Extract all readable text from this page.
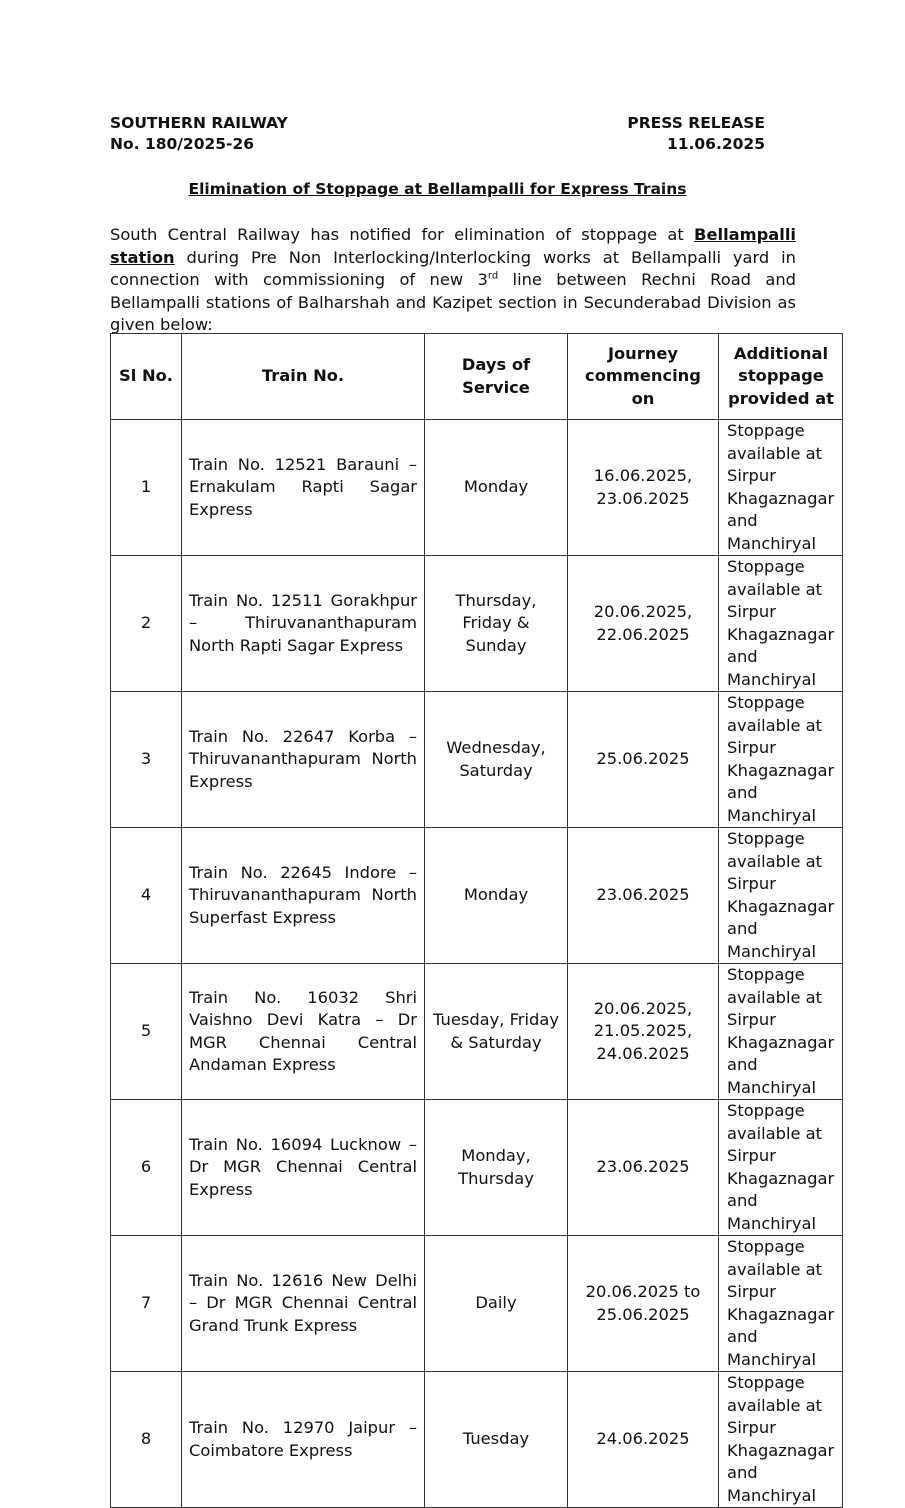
SOUTHERN RAILWAY
No. 180/2025-26
PRESS RELEASE
11.06.2025
Elimination of Stoppage at Bellampalli for Express Trains

South Central Railway has notified for elimination of stoppage at Bellampalli station during Pre Non Interlocking/Interlocking works at Bellampalli yard in connection with commissioning of new 3rd line between Rechni Road and Bellampalli stations of Balharshah and Kazipet section in Secunderabad Division as given below:

Sl No.	Train No.	Days of Service	Journey commencing on	Additional stoppage provided at
1	Train No. 12521 Barauni – Ernakulam Rapti Sagar Express	Monday	16.06.2025, 23.06.2025	Stoppage available at Sirpur Khagaznagar and Manchiryal
2	Train No. 12511 Gorakhpur – Thiruvananthapuram North Rapti Sagar Express	Thursday, Friday & Sunday	20.06.2025, 22.06.2025	Stoppage available at Sirpur Khagaznagar and Manchiryal
3	Train No. 22647 Korba – Thiruvananthapuram North Express	Wednesday, Saturday	25.06.2025	Stoppage available at Sirpur Khagaznagar and Manchiryal
4	Train No. 22645 Indore – Thiruvananthapuram North Superfast Express	Monday	23.06.2025	Stoppage available at Sirpur Khagaznagar and Manchiryal
5	Train No. 16032 Shri Vaishno Devi Katra – Dr MGR Chennai Central Andaman Express	Tuesday, Friday & Saturday	20.06.2025, 21.05.2025, 24.06.2025	Stoppage available at Sirpur Khagaznagar and Manchiryal
6	Train No. 16094 Lucknow – Dr MGR Chennai Central Express	Monday, Thursday	23.06.2025	Stoppage available at Sirpur Khagaznagar and Manchiryal
7	Train No. 12616 New Delhi – Dr MGR Chennai Central Grand Trunk Express	Daily	20.06.2025 to 25.06.2025	Stoppage available at Sirpur Khagaznagar and Manchiryal
8	Train No. 12970 Jaipur – Coimbatore Express	Tuesday	24.06.2025	Stoppage available at Sirpur Khagaznagar and Manchiryal
